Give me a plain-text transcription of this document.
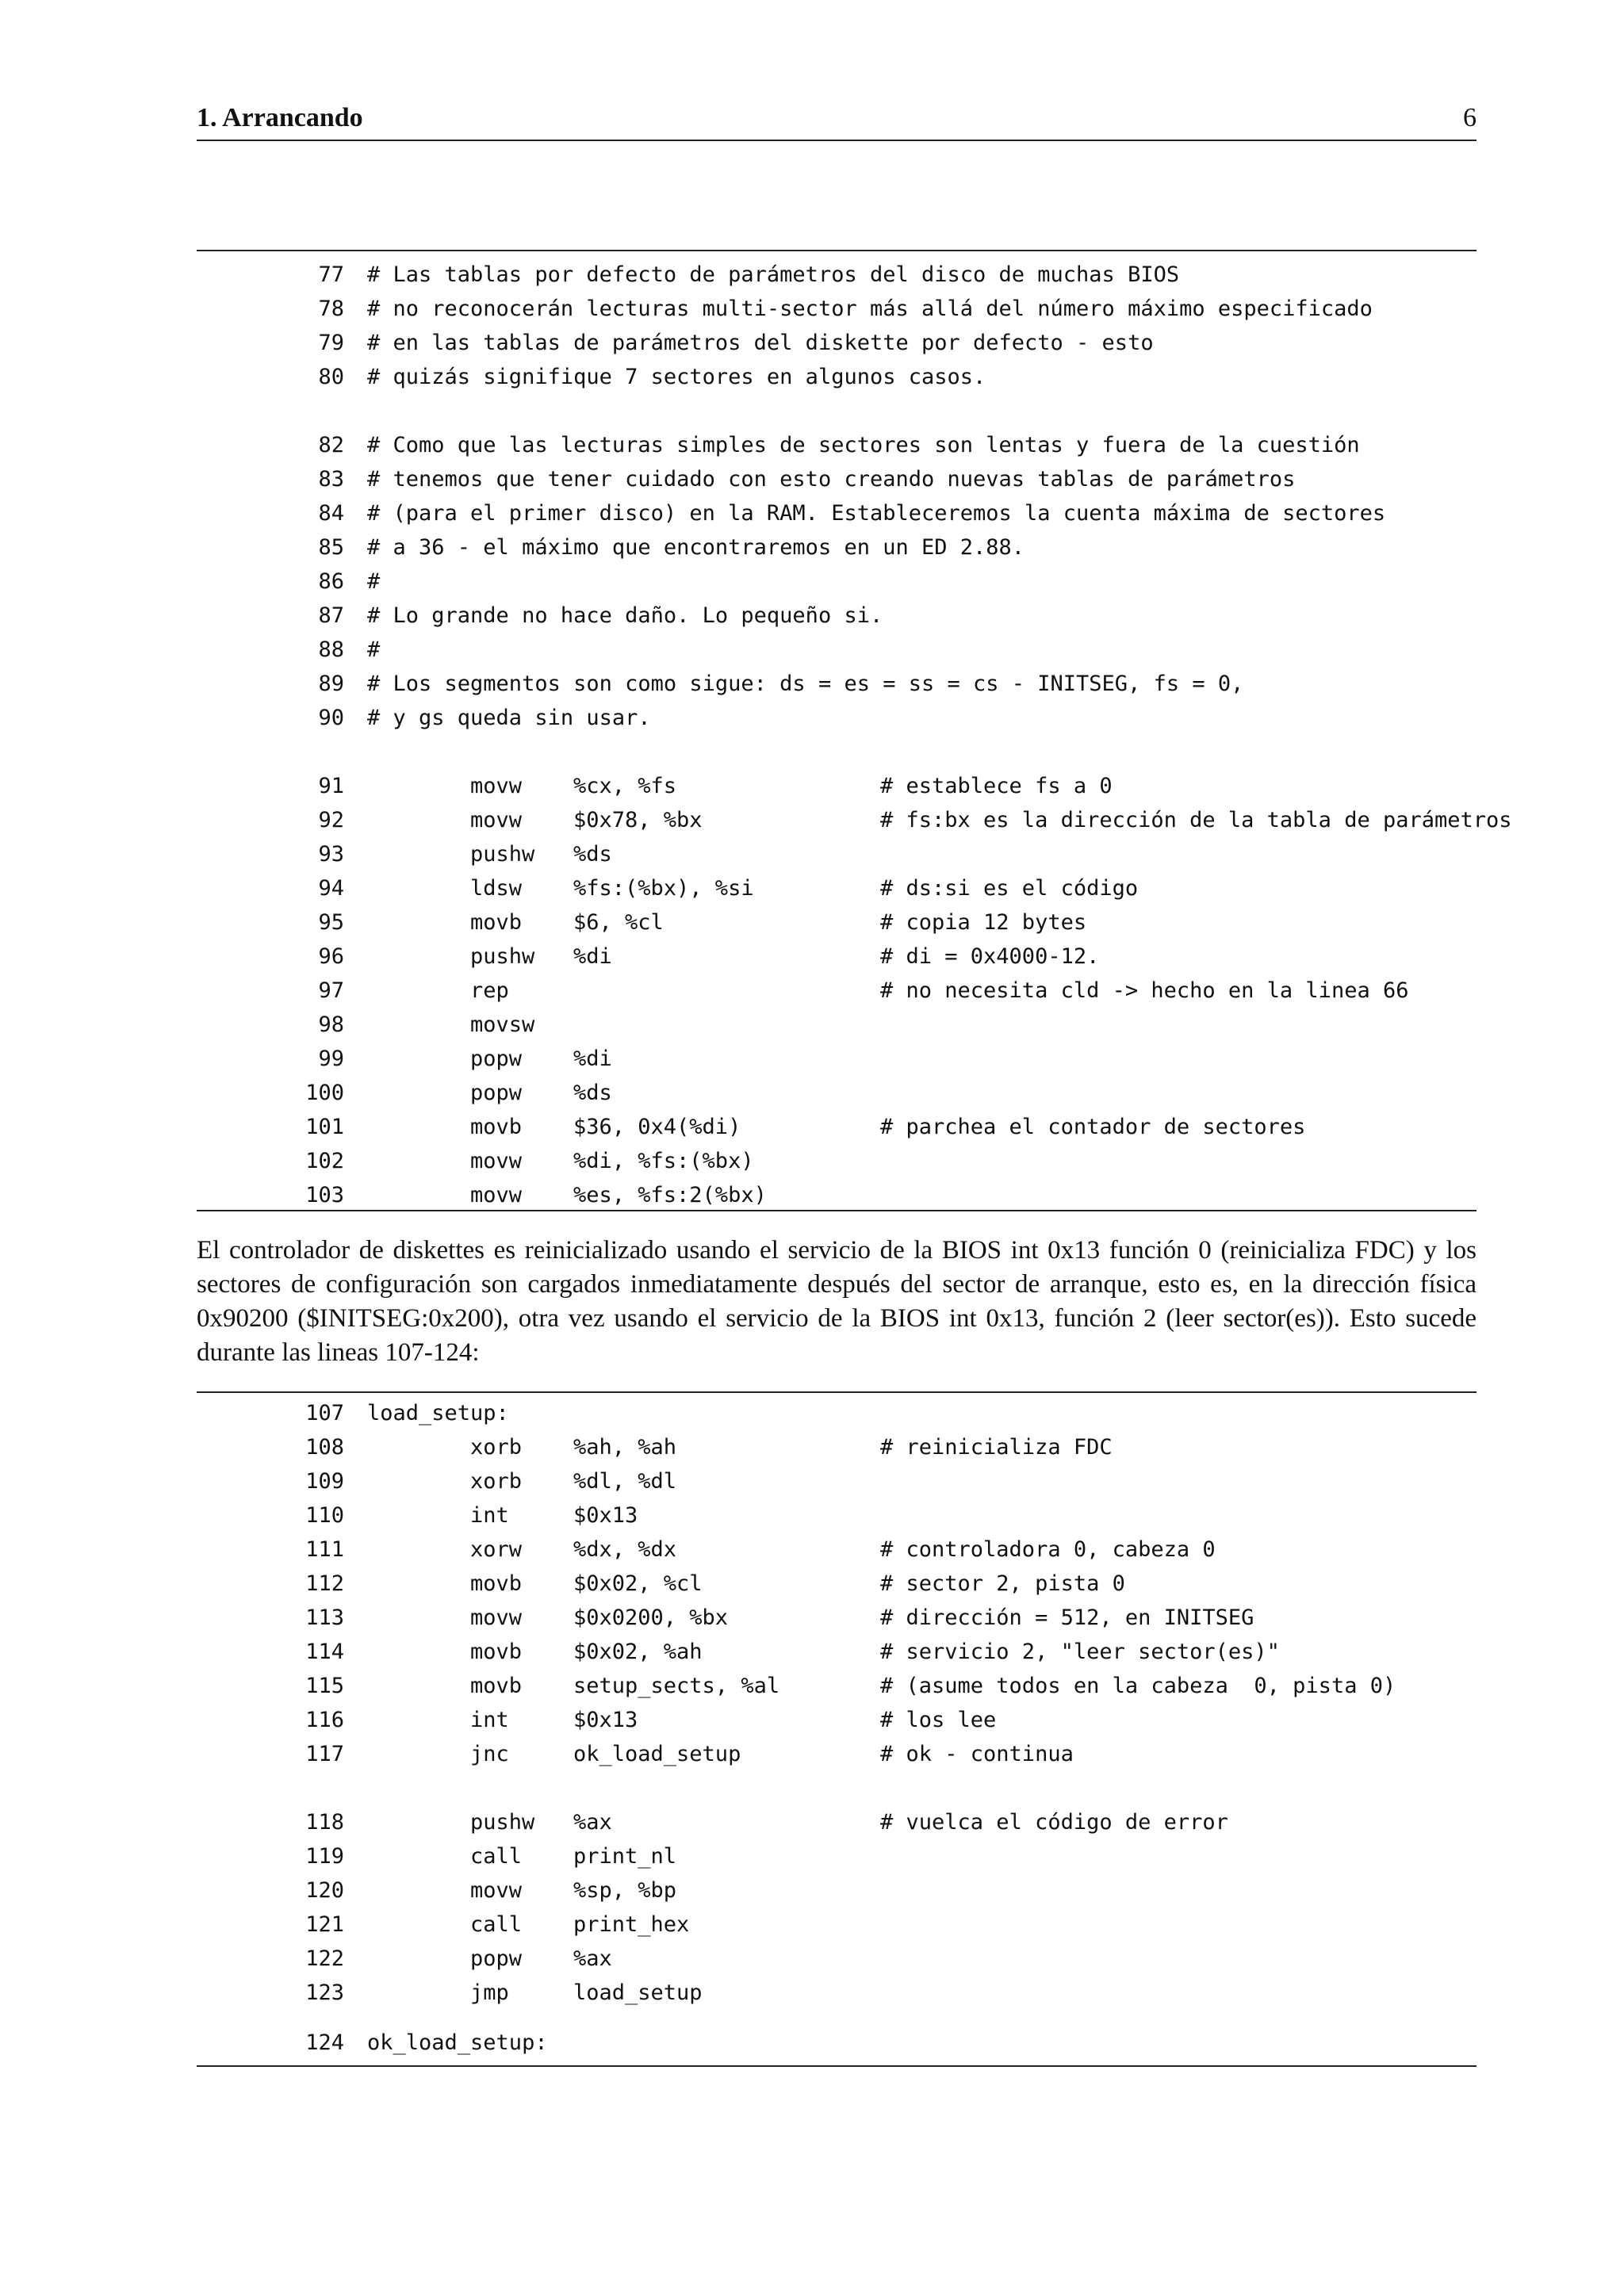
1. Arrancando	6
77 # Las tablas por defecto de parámetros del disco de muchas BIOS
78 # no reconocerán lecturas multi-sector más allá del número máximo especificado
79 # en las tablas de parámetros del diskette por defecto - esto
80 # quizás signifique 7 sectores en algunos casos.
82 # Como que las lecturas simples de sectores son lentas y fuera de la cuestión
83 # tenemos que tener cuidado con esto creando nuevas tablas de parámetros
84 # (para el primer disco) en la RAM. Estableceremos la cuenta máxima de sectores
85 # a 36 - el máximo que encontraremos en un ED 2.88.
86 #
87 # Lo grande no hace daño. Lo pequeño si.
88 #
89 # Los segmentos son como sigue: ds = es = ss = cs - INITSEG, fs = 0,
90 # y gs queda sin usar.
91	movw %cx, %fs	# establece fs a 0
92	movw $0x78, %bx	# fs:bx es la dirección de la tabla de parámetros
93	pushw %ds
94	ldsw %fs:(%bx), %si	# ds:si es el código
95	movb $6, %cl	# copia 12 bytes
96	pushw %di	# di = 0x4000-12.
97	rep	# no necesita cld -> hecho en la linea 66
98	movsw
99	popw %di
100	popw %ds
101	movb $36, 0x4(%di)	# parchea el contador de sectores
102	movw %di, %fs:(%bx)
103	movw %es, %fs:2(%bx)
El controlador de diskettes es reinicializado usando el servicio de la BIOS int 0x13 función 0 (reinicializa FDC) y los sectores de configuración son cargados inmediatamente después del sector de arranque, esto es, en la dirección física 0x90200 ($INITSEG:0x200), otra vez usando el servicio de la BIOS int 0x13, función 2 (leer sector(es)). Esto sucede durante las lineas 107-124:
107 load_setup:
108	xorb %ah, %ah	# reinicializa FDC
109	xorb %dl, %dl
110	int	$0x13
111	xorw %dx, %dx	# controladora 0, cabeza 0
112	movb $0x02, %cl	# sector 2, pista 0
113	movw $0x0200, %bx	# dirección = 512, en INITSEG
114	movb $0x02, %ah	# servicio 2, "leer sector(es)"
115	movb setup_sects, %al	# (asume todos en la cabeza  0, pista 0)
116	int	$0x13	# los lee
117	jnc	ok_load_setup	# ok - continua
118	pushw %ax	# vuelca el código de error
119	call print_nl
120	movw %sp, %bp
121	call print_hex
122	popw %ax
123	jmp	load_setup
124 ok_load_setup:
